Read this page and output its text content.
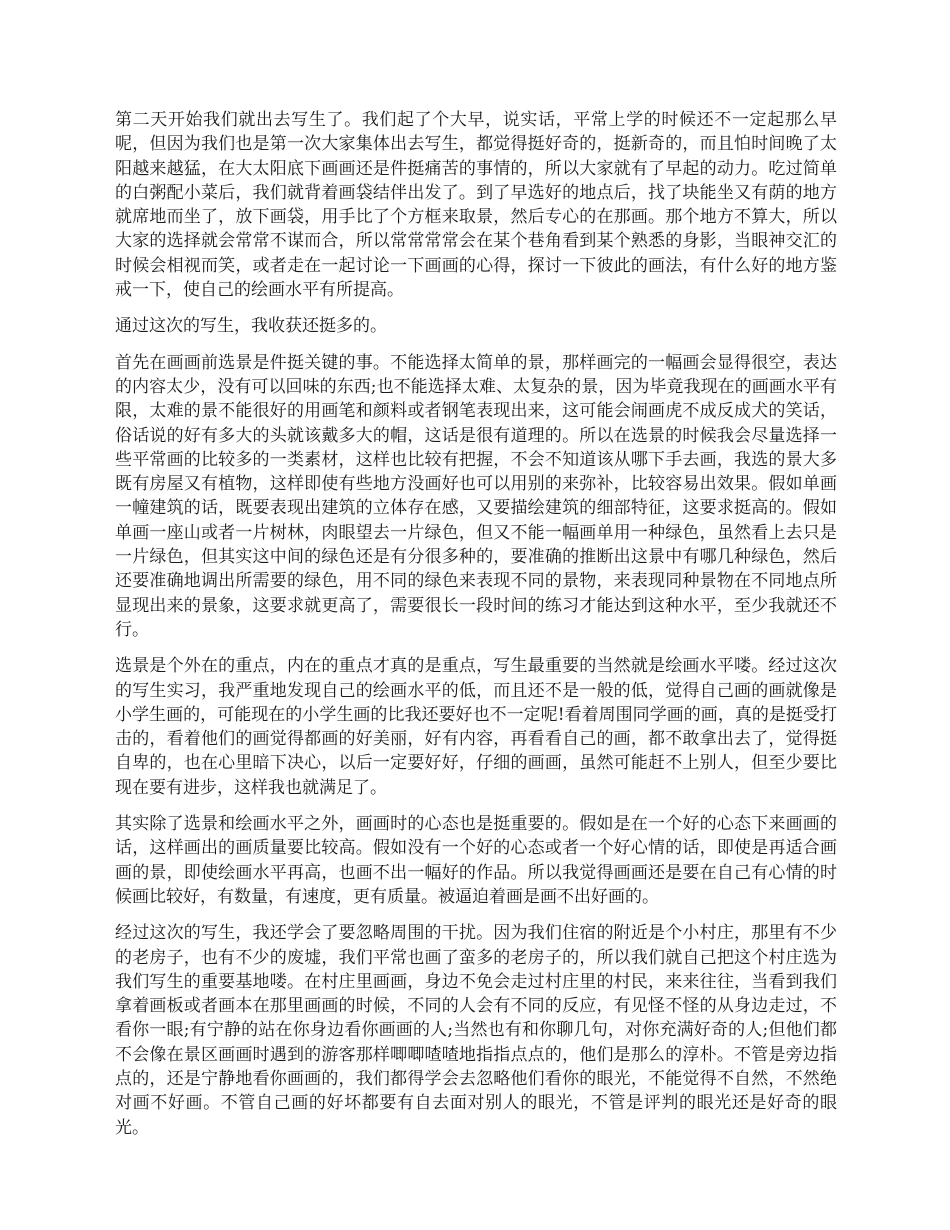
第二天开始我们就出去写生了。我们起了个大早，说实话，平常上学的时候还不一定起那么早呢，但因为我们也是第一次大家集体出去写生，都觉得挺好奇的，挺新奇的，而且怕时间晚了太阳越来越猛，在大太阳底下画画还是件挺痛苦的事情的，所以大家就有了早起的动力。吃过简单的白粥配小菜后，我们就背着画袋结伴出发了。到了早选好的地点后，找了块能坐又有荫的地方就席地而坐了，放下画袋，用手比了个方框来取景，然后专心的在那画。那个地方不算大，所以大家的选择就会常常不谋而合，所以常常常常会在某个巷角看到某个熟悉的身影，当眼神交汇的时候会相视而笑，或者走在一起讨论一下画画的心得，探讨一下彼此的画法，有什么好的地方鉴戒一下，使自己的绘画水平有所提高。

通过这次的写生，我收获还挺多的。

首先在画画前选景是件挺关键的事。不能选择太简单的景，那样画完的一幅画会显得很空，表达的内容太少，没有可以回味的东西;也不能选择太难、太复杂的景，因为毕竟我现在的画画水平有限，太难的景不能很好的用画笔和颜料或者钢笔表现出来，这可能会闹画虎不成反成犬的笑话，俗话说的好有多大的头就该戴多大的帽，这话是很有道理的。所以在选景的时候我会尽量选择一些平常画的比较多的一类素材，这样也比较有把握，不会不知道该从哪下手去画，我选的景大多既有房屋又有植物，这样即使有些地方没画好也可以用别的来弥补，比较容易出效果。假如单画一幢建筑的话，既要表现出建筑的立体存在感，又要描绘建筑的细部特征，这要求挺高的。假如单画一座山或者一片树林，肉眼望去一片绿色，但又不能一幅画单用一种绿色，虽然看上去只是一片绿色，但其实这中间的绿色还是有分很多种的，要准确的推断出这景中有哪几种绿色，然后还要准确地调出所需要的绿色，用不同的绿色来表现不同的景物，来表现同种景物在不同地点所显现出来的景象，这要求就更高了，需要很长一段时间的练习才能达到这种水平，至少我就还不行。

选景是个外在的重点，内在的重点才真的是重点，写生最重要的当然就是绘画水平喽。经过这次的写生实习，我严重地发现自己的绘画水平的低，而且还不是一般的低，觉得自己画的画就像是小学生画的，可能现在的小学生画的比我还要好也不一定呢!看着周围同学画的画，真的是挺受打击的，看着他们的画觉得都画的好美丽，好有内容，再看看自己的画，都不敢拿出去了，觉得挺自卑的，也在心里暗下决心，以后一定要好好，仔细的画画，虽然可能赶不上别人，但至少要比现在要有进步，这样我也就满足了。

其实除了选景和绘画水平之外，画画时的心态也是挺重要的。假如是在一个好的心态下来画画的话，这样画出的画质量要比较高。假如没有一个好的心态或者一个好心情的话，即使是再适合画画的景，即使绘画水平再高，也画不出一幅好的作品。所以我觉得画画还是要在自己有心情的时候画比较好，有数量，有速度，更有质量。被逼迫着画是画不出好画的。

经过这次的写生，我还学会了要忽略周围的干扰。因为我们住宿的附近是个小村庄，那里有不少的老房子，也有不少的废墟，我们平常也画了蛮多的老房子的，所以我们就自己把这个村庄选为我们写生的重要基地喽。在村庄里画画，身边不免会走过村庄里的村民，来来往往，当看到我们拿着画板或者画本在那里画画的时候，不同的人会有不同的反应，有见怪不怪的从身边走过，不看你一眼;有宁静的站在你身边看你画画的人;当然也有和你聊几句，对你充满好奇的人;但他们都不会像在景区画画时遇到的游客那样唧唧喳喳地指指点点的，他们是那么的淳朴。不管是旁边指点的，还是宁静地看你画画的，我们都得学会去忽略他们看你的眼光，不能觉得不自然，不然绝对画不好画。不管自己画的好坏都要有自去面对别人的眼光，不管是评判的眼光还是好奇的眼光。
